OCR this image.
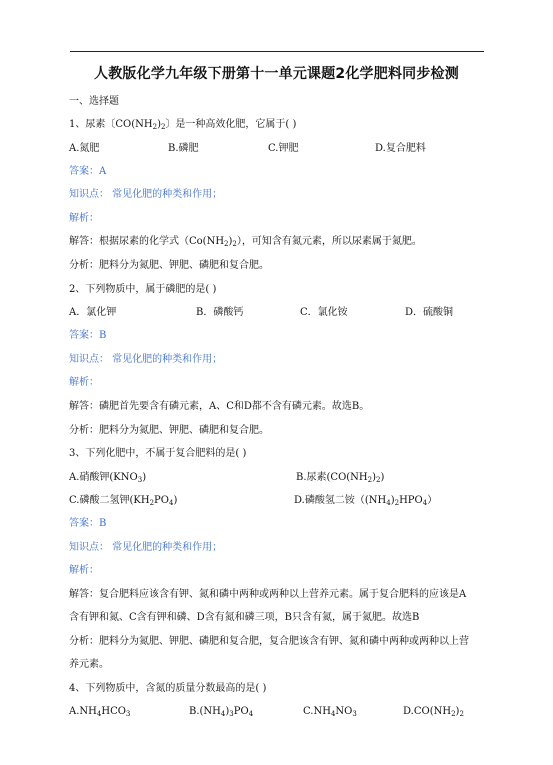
人教版化学九年级下册第十一单元课题2化学肥料同步检测
一、选择题
1、尿素〔$CO(NH_2)_2$〕是一种高效化肥，它属于( )
A.氮肥	B.磷肥	C.钾肥	D.复合肥料
答案：A
知识点： 常见化肥的种类和作用；
解析：
解答：根据尿素的化学式$(Co(NH_2)_2)$，可知含有氮元素，所以尿素属于氮肥。
分析：肥料分为氮肥、钾肥、磷肥和复合肥。
2、下列物质中，属于磷肥的是( )
A．氯化钾	B．磷酸钙	C．氯化铵	D．硫酸铜
答案：B
知识点： 常见化肥的种类和作用；
解析：
解答：磷肥首先要含有磷元素，A、C和D都不含有磷元素。故选B。
分析：肥料分为氮肥、钾肥、磷肥和复合肥。
3、下列化肥中，不属于复合肥料的是( )
A.硝酸钾$(KNO_3)$	B.尿素$(CO(NH_2)_2)$
C.磷酸二氢钾$(KH_2PO_4)$	D.磷酸氢二铵$((NH_4)_2HPO_4)$
答案：B
知识点： 常见化肥的种类和作用；
解析：
解答：复合肥料应该含有钾、氮和磷中两种或两种以上营养元素。属于复合肥料的应该是A
含有钾和氮、C含有钾和磷、D含有氮和磷三项，B只含有氮，属于氮肥。故选B
分析：肥料分为氮肥、钾肥、磷肥和复合肥，复合肥该含有钾、氮和磷中两种或两种以上营
养元素。
4、下列物质中，含氮的质量分数最高的是( )
$A.NH_4HCO_3$	$B.(NH_4)_3PO_4$	$C.NH_4NO_3$	$D.CO(NH_2)_2$
